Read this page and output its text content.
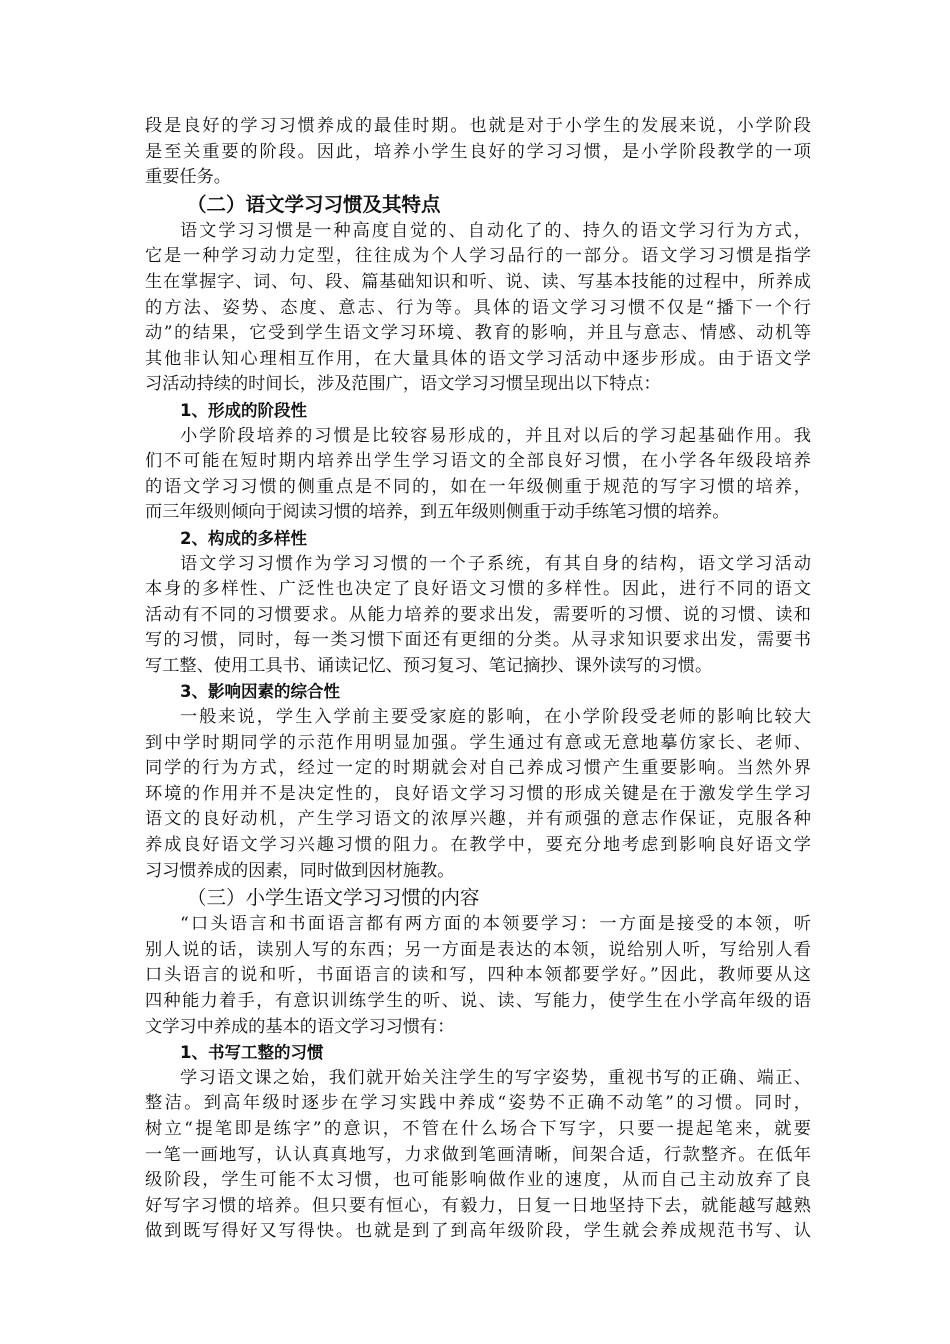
段是良好的学习习惯养成的最佳时期。也就是对于小学生的发展来说，小学阶段
是至关重要的阶段。因此，培养小学生良好的学习习惯，是小学阶段教学的一项
重要任务。
（二）语文学习习惯及其特点
语文学习习惯是一种高度自觉的、自动化了的、持久的语文学习行为方式，
它是一种学习动力定型，往往成为个人学习品行的一部分。语文学习习惯是指学
生在掌握字、词、句、段、篇基础知识和听、说、读、写基本技能的过程中，所养成
的方法、姿势、态度、意志、行为等。具体的语文学习习惯不仅是“播下一个行
动”的结果，它受到学生语文学习环境、教育的影响，并且与意志、情感、动机等
其他非认知心理相互作用，在大量具体的语文学习活动中逐步形成。由于语文学
习活动持续的时间长，涉及范围广，语文学习习惯呈现出以下特点：
1、形成的阶段性
小学阶段培养的习惯是比较容易形成的，并且对以后的学习起基础作用。我
们不可能在短时期内培养出学生学习语文的全部良好习惯，在小学各年级段培养
的语文学习习惯的侧重点是不同的，如在一年级侧重于规范的写字习惯的培养，
而三年级则倾向于阅读习惯的培养，到五年级则侧重于动手练笔习惯的培养。
2、构成的多样性
语文学习习惯作为学习习惯的一个子系统，有其自身的结构，语文学习活动
本身的多样性、广泛性也决定了良好语文习惯的多样性。因此，进行不同的语文
活动有不同的习惯要求。从能力培养的要求出发，需要听的习惯、说的习惯、读和
写的习惯，同时，每一类习惯下面还有更细的分类。从寻求知识要求出发，需要书
写工整、使用工具书、诵读记忆、预习复习、笔记摘抄、课外读写的习惯。
3、影响因素的综合性
一般来说，学生入学前主要受家庭的影响，在小学阶段受老师的影响比较大
到中学时期同学的示范作用明显加强。学生通过有意或无意地摹仿家长、老师、
同学的行为方式，经过一定的时期就会对自己养成习惯产生重要影响。当然外界
环境的作用并不是决定性的，良好语文学习习惯的形成关键是在于激发学生学习
语文的良好动机，产生学习语文的浓厚兴趣，并有顽强的意志作保证，克服各种
养成良好语文学习兴趣习惯的阻力。在教学中，要充分地考虑到影响良好语文学
习习惯养成的因素，同时做到因材施教。
（三）小学生语文学习习惯的内容
“口头语言和书面语言都有两方面的本领要学习：一方面是接受的本领，听
别人说的话，读别人写的东西；另一方面是表达的本领，说给别人听，写给别人看
口头语言的说和听，书面语言的读和写，四种本领都要学好。”因此，教师要从这
四种能力着手，有意识训练学生的听、说、读、写能力，使学生在小学高年级的语
文学习中养成的基本的语文学习习惯有：
1、书写工整的习惯
学习语文课之始，我们就开始关注学生的写字姿势，重视书写的正确、端正、
整洁。到高年级时逐步在学习实践中养成“姿势不正确不动笔”的习惯。同时，
树立“提笔即是练字”的意识，不管在什么场合下写字，只要一提起笔来，就要
一笔一画地写，认认真真地写，力求做到笔画清晰，间架合适，行款整齐。在低年
级阶段，学生可能不太习惯，也可能影响做作业的速度，从而自己主动放弃了良
好写字习惯的培养。但只要有恒心，有毅力，日复一日地坚持下去，就能越写越熟
做到既写得好又写得快。也就是到了到高年级阶段，学生就会养成规范书写、认
